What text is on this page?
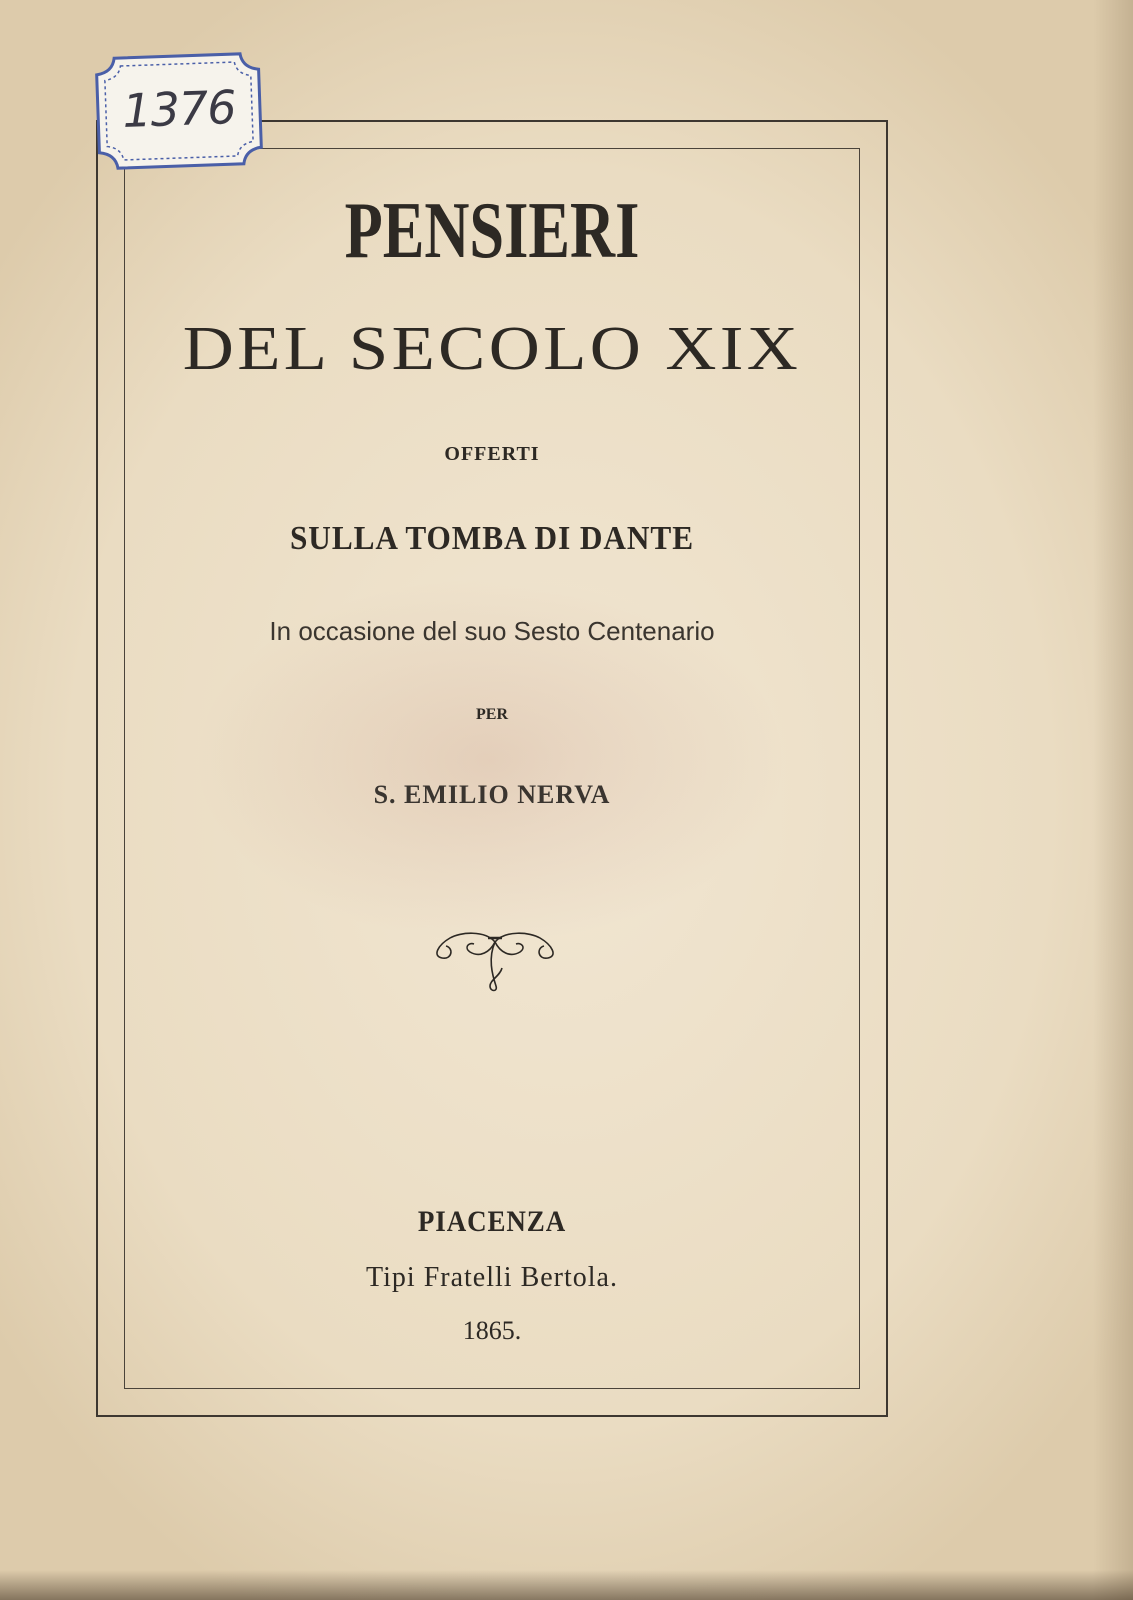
1376
PENSIERI
DEL SECOLO XIX
OFFERTI
SULLA TOMBA DI DANTE
In occasione del suo Sesto Centenario
PER
S. EMILIO NERVA
PIACENZA
Tipi Fratelli Bertola.
1865.
